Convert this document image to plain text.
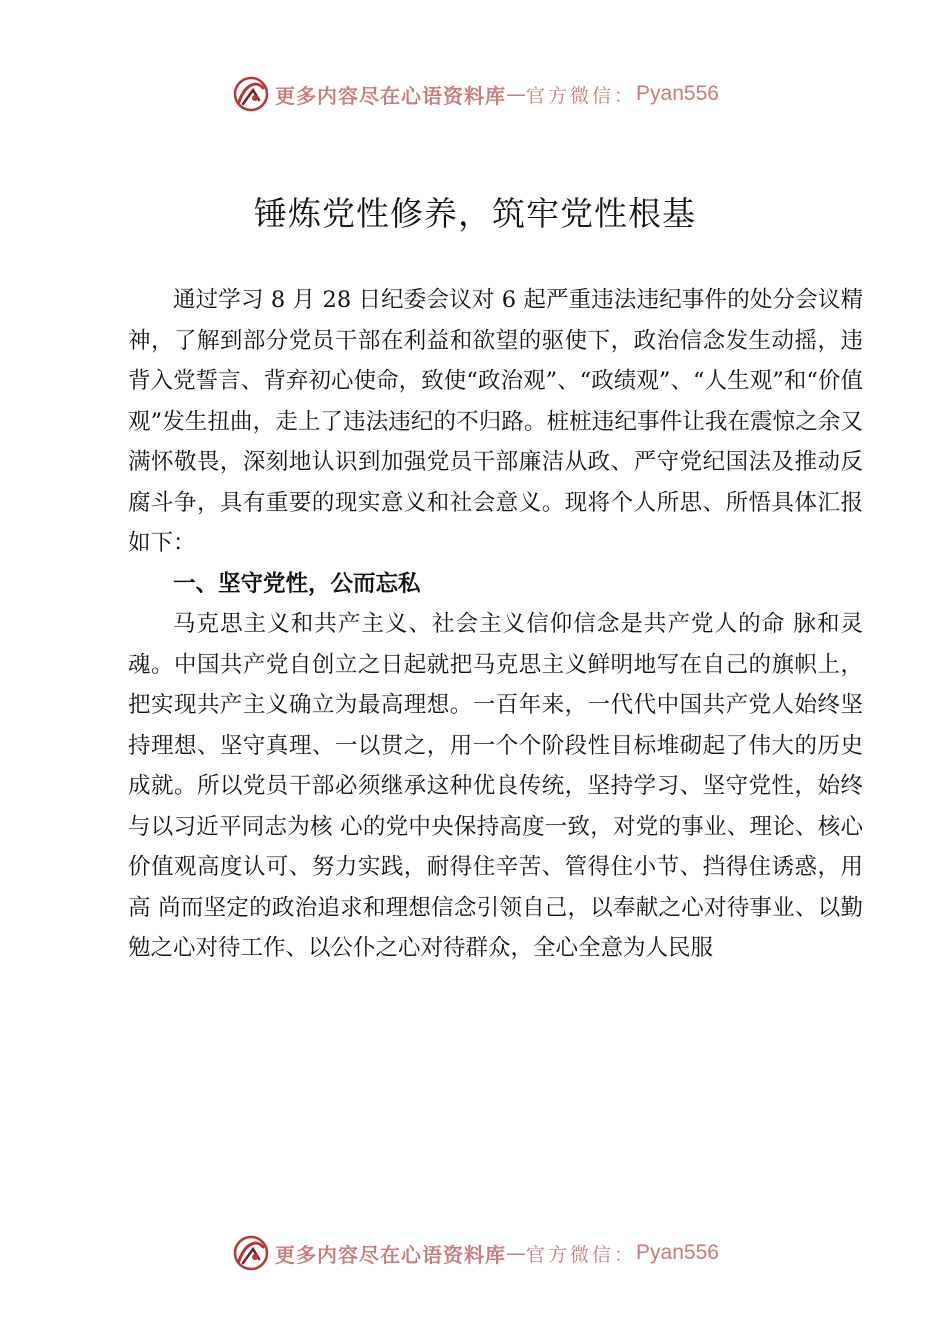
更多内容尽在心语资料库 — 官方微信： Pyan556
锤炼党性修养，筑牢党性根基

通过学习 8 月 28 日纪委会议对 6 起严重违法违纪事件的处分会议精神，了解到部分党员干部在利益和欲望的驱使下，政治信念发生动摇，违背入党誓言、背弃初心使命，致使“政治观”、“政绩观”、“人生观”和“价值观”发生扭曲，走上了违法违纪的不归路。桩桩违纪事件让我在震惊之余又满怀敬畏，深刻地认识到加强党员干部廉洁从政、严守党纪国法及推动反腐斗争，具有重要的现实意义和社会意义。现将个人所思、所悟具体汇报如下：

一、坚守党性，公而忘私

马克思主义和共产主义、社会主义信仰信念是共产党人的命 脉和灵魂。中国共产党自创立之日起就把马克思主义鲜明地写在自己的旗帜上，把实现共产主义确立为最高理想。一百年来，一代代中国共产党人始终坚持理想、坚守真理、一以贯之，用一个个阶段性目标堆砌起了伟大的历史成就。所以党员干部必须继承这种优良传统，坚持学习、坚守党性，始终与以习近平同志为核 心的党中央保持高度一致，对党的事业、理论、核心价值观高度认可、努力实践，耐得住辛苦、管得住小节、挡得住诱惑，用高 尚而坚定的政治追求和理想信念引领自己，以奉献之心对待事业、以勤勉之心对待工作、以公仆之心对待群众，全心全意为人民服

更多内容尽在心语资料库 — 官方微信： Pyan556
